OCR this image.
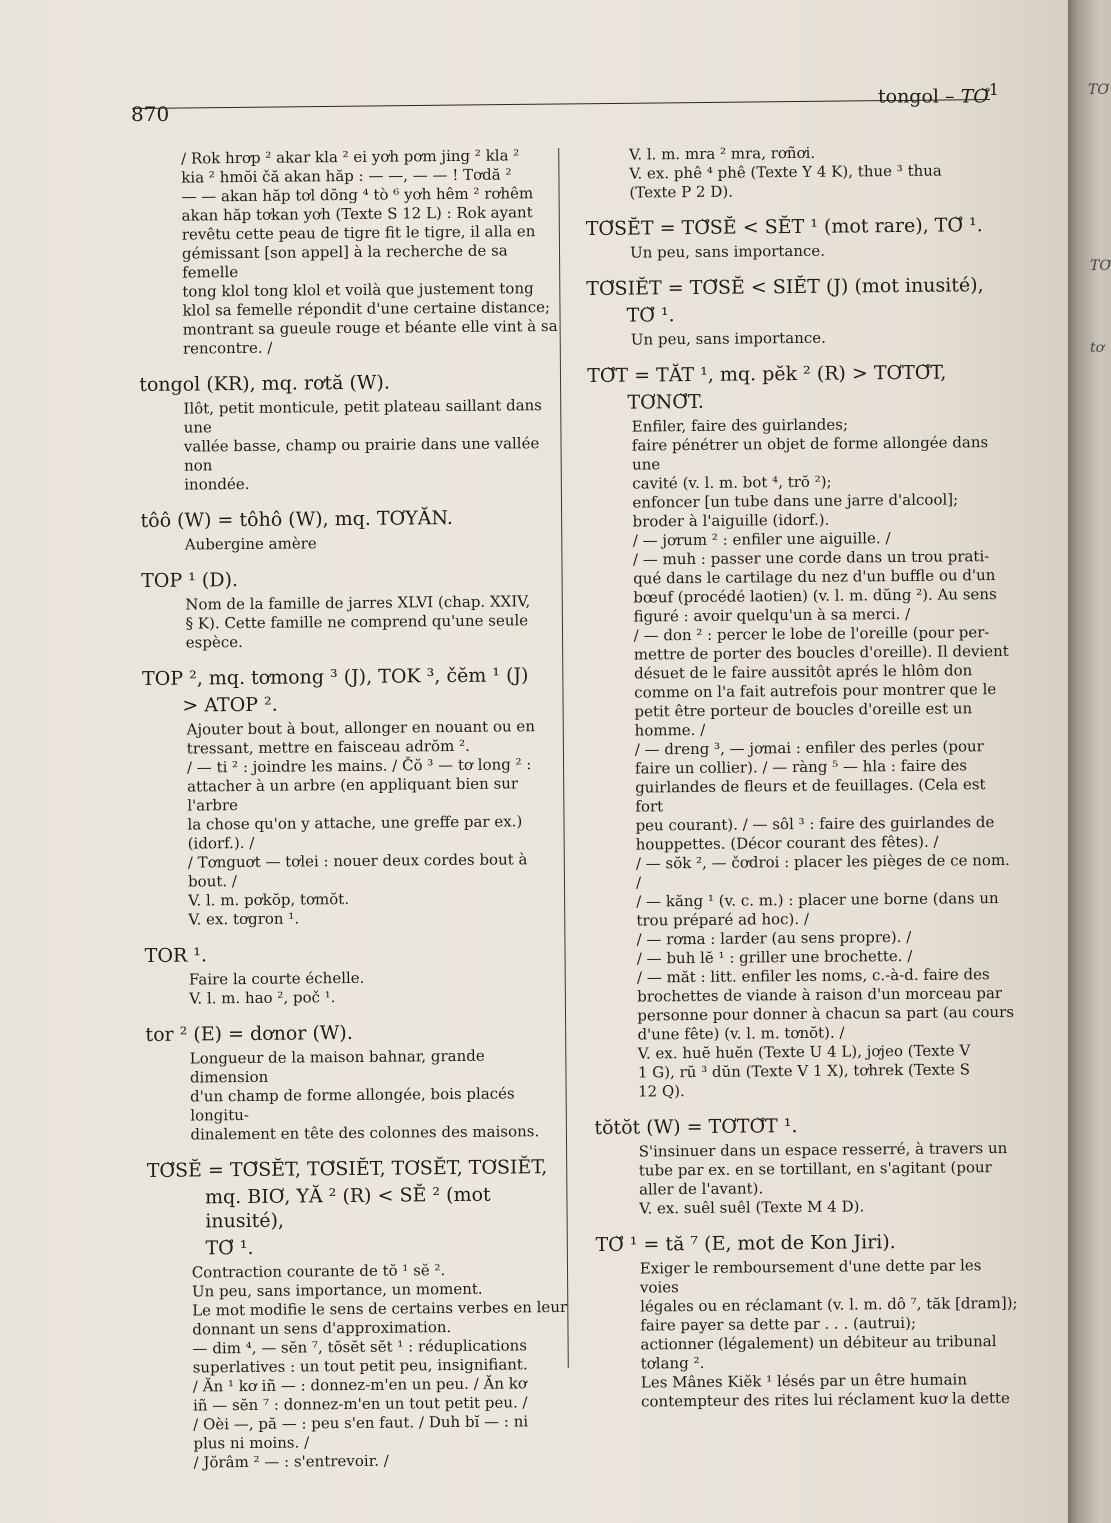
870
tongol – TƠ̆$^1$
/ Rok hrơp ² akar kla ² ei yơh pơm jing ² kla ²
kia ² hmŏi čă akan hăp : — —, — — ! Tơdă ²
— — akan hăp tơl dŏng ⁴ tò ⁶ yơh hêm ² rơhêm
akan hăp tơkan yơh (Texte S 12 L) : Rok ayant
revêtu cette peau de tigre fit le tigre, il alla en
gémissant [son appel] à la recherche de sa femelle
tong klol tong klol et voilà que justement tong
klol sa femelle répondit d'une certaine distance;
montrant sa gueule rouge et béante elle vint à sa
rencontre. /
tongol (KR), mq. rơtă (W).
Ilôt, petit monticule, petit plateau saillant dans une
vallée basse, champ ou prairie dans une vallée non
inondée.
tôô (W) = tôhô (W), mq. TƠYĂN.
Aubergine amère
TOP ¹ (D).
Nom de la famille de jarres XLVI (chap. XXIV,
§ K). Cette famille ne comprend qu'une seule
espèce.
TOP ², mq. tơmong ³ (J), TOK ³, čĕm ¹ (J)
> ATOP ².
Ajouter bout à bout, allonger en nouant ou en
tressant, mettre en faisceau adrŏm ².
/ — ti ² : joindre les mains. / Čŏ ³ — tơ long ² :
attacher à un arbre (en appliquant bien sur l'arbre
la chose qu'on y attache, une greffe par ex.) (idorf.). /
/ Tơnguơt — tơlei : nouer deux cordes bout à
bout. /
V. l. m. pơkŏp, tơmŏt.
V. ex. tơgron ¹.
TOR ¹.
Faire la courte échelle.
V. l. m. hao ², poč ¹.
tor ² (E) = dơnor (W).
Longueur de la maison bahnar, grande dimension
d'un champ de forme allongée, bois placés longitu-
dinalement en tête des colonnes des maisons.
TƠ̆SĔ = TƠ̆SĔT, TƠ̆SIĔT, TƠSĔT, TƠSIĔT,
mq. BIƠ, YĂ ² (R) < SĔ ² (mot inusité),
TƠ̆ ¹.
Contraction courante de tŏ ¹ sĕ ².
Un peu, sans importance, un moment.
Le mot modifie le sens de certains verbes en leur
donnant un sens d'approximation.
— dim ⁴, — sĕn ⁷, tŏsĕt sĕt ¹ : réduplications
superlatives : un tout petit peu, insignifiant.
/ Ăn ¹ kơ iñ — : donnez-m'en un peu. / Ăn kơ
iñ — sĕn ⁷ : donnez-m'en un tout petit peu. /
/ Oèi —, pă — : peu s'en faut. / Duh bĭ — : ni
plus ni moins. /
/ Jŏrâm ² — : s'entrevoir. /
V. l. m. mra ² mra, rơñơi.
V. ex. phê ⁴ phê (Texte Y 4 K), thue ³ thua
(Texte P 2 D).
TƠ̆SĔT = TƠ̆SĔ < SĔT ¹ (mot rare), TƠ̆ ¹.
Un peu, sans importance.
TƠ̆SIĔT = TƠ̆SĔ < SIĔT (J) (mot inusité),
TƠ̆ ¹.
Un peu, sans importance.
TƠ̆T = TĂT ¹, mq. pĕk ² (R) > TƠTƠ̆T,
TƠNƠ̆T.
Enfiler, faire des guirlandes;
faire pénétrer un objet de forme allongée dans une
cavité (v. l. m. bot ⁴, trŏ ²);
enfoncer [un tube dans une jarre d'alcool];
broder à l'aiguille (idorf.).
/ — jơrum ² : enfiler une aiguille. /
/ — muh : passer une corde dans un trou prati-
qué dans le cartilage du nez d'un buffle ou d'un
bœuf (procédé laotien) (v. l. m. dŭng ²). Au sens
figuré : avoir quelqu'un à sa merci. /
/ — don ² : percer le lobe de l'oreille (pour per-
mettre de porter des boucles d'oreille). Il devient
désuet de le faire aussitôt aprés le hlôm don
comme on l'a fait autrefois pour montrer que le
petit être porteur de boucles d'oreille est un
homme. /
/ — dreng ³, — jơmai : enfiler des perles (pour
faire un collier). / — ràng ⁵ — hla : faire des
guirlandes de fleurs et de feuillages. (Cela est fort
peu courant). / — sôl ³ : faire des guirlandes de
houppettes. (Décor courant des fêtes). /
/ — sŏk ², — čơdroi : placer les pièges de ce nom. /
/ — kăng ¹ (v. c. m.) : placer une borne (dans un
trou préparé ad hoc). /
/ — rơma : larder (au sens propre). /
/ — buh lĕ ¹ : griller une brochette. /
/ — măt : litt. enfiler les noms, c.-à-d. faire des
brochettes de viande à raison d'un morceau par
personne pour donner à chacun sa part (au cours
d'une fête) (v. l. m. tơnŏt). /
V. ex. huĕ huĕn (Texte U 4 L), jơjeo (Texte V
1 G), rŭ ³ dŭn (Texte V 1 X), tơhrek (Texte S
12 Q).
tŏtŏt (W) = TƠTƠ̆T ¹.
S'insinuer dans un espace resserré, à travers un
tube par ex. en se tortillant, en s'agitant (pour
aller de l'avant).
V. ex. suêl suêl (Texte M 4 D).
TƠ̆ ¹ = tă ⁷ (E, mot de Kon Jiri).
Exiger le remboursement d'une dette par les voies
légales ou en réclamant (v. l. m. dô ⁷, tăk [dram]);
faire payer sa dette par . . . (autrui);
actionner (légalement) un débiteur au tribunal
tơlang ².
Les Mânes Kiĕk ¹ lésés par un être humain
contempteur des rites lui réclament kuơ la dette
TƠ
TƠ
tơ
